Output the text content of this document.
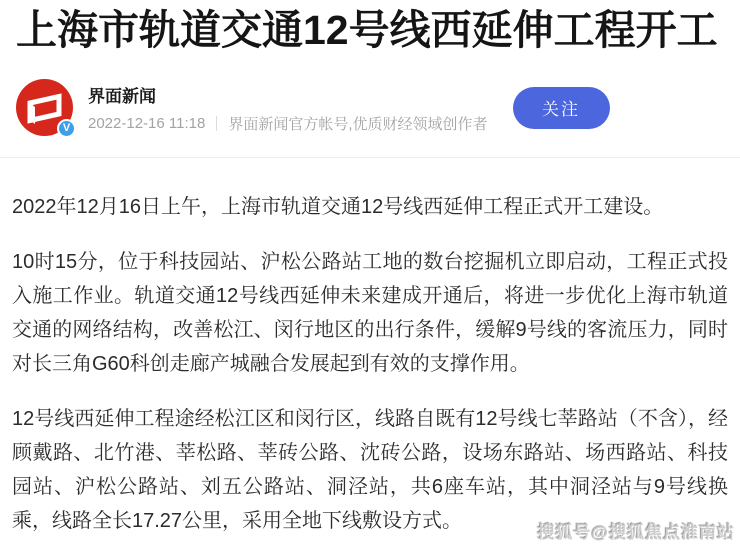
上海市轨道交通12号线西延伸工程开工
V
界面新闻
2022-12-16 11:18 界面新闻官方帐号,优质财经领域创作者
关注

2022年12月16日上午，上海市轨道交通12号线西延伸工程正式开工建设。

10时15分，位于科技园站、沪松公路站工地的数台挖掘机立即启动，工程正式投入施工作业。轨道交通12号线西延伸未来建成开通后，将进一步优化上海市轨道交通的网络结构，改善松江、闵行地区的出行条件，缓解9号线的客流压力，同时对长三角G60科创走廊产城融合发展起到有效的支撑作用。

12号线西延伸工程途经松江区和闵行区，线路自既有12号线七莘路站（不含），经顾戴路、北竹港、莘松路、莘砖公路、沈砖公路，设场东路站、场西路站、科技园站、沪松公路站、刘五公路站、洞泾站，共6座车站，其中洞泾站与9号线换乘，线路全长17.27公里，采用全地下线敷设方式。

搜狐号@搜狐焦点淮南站
